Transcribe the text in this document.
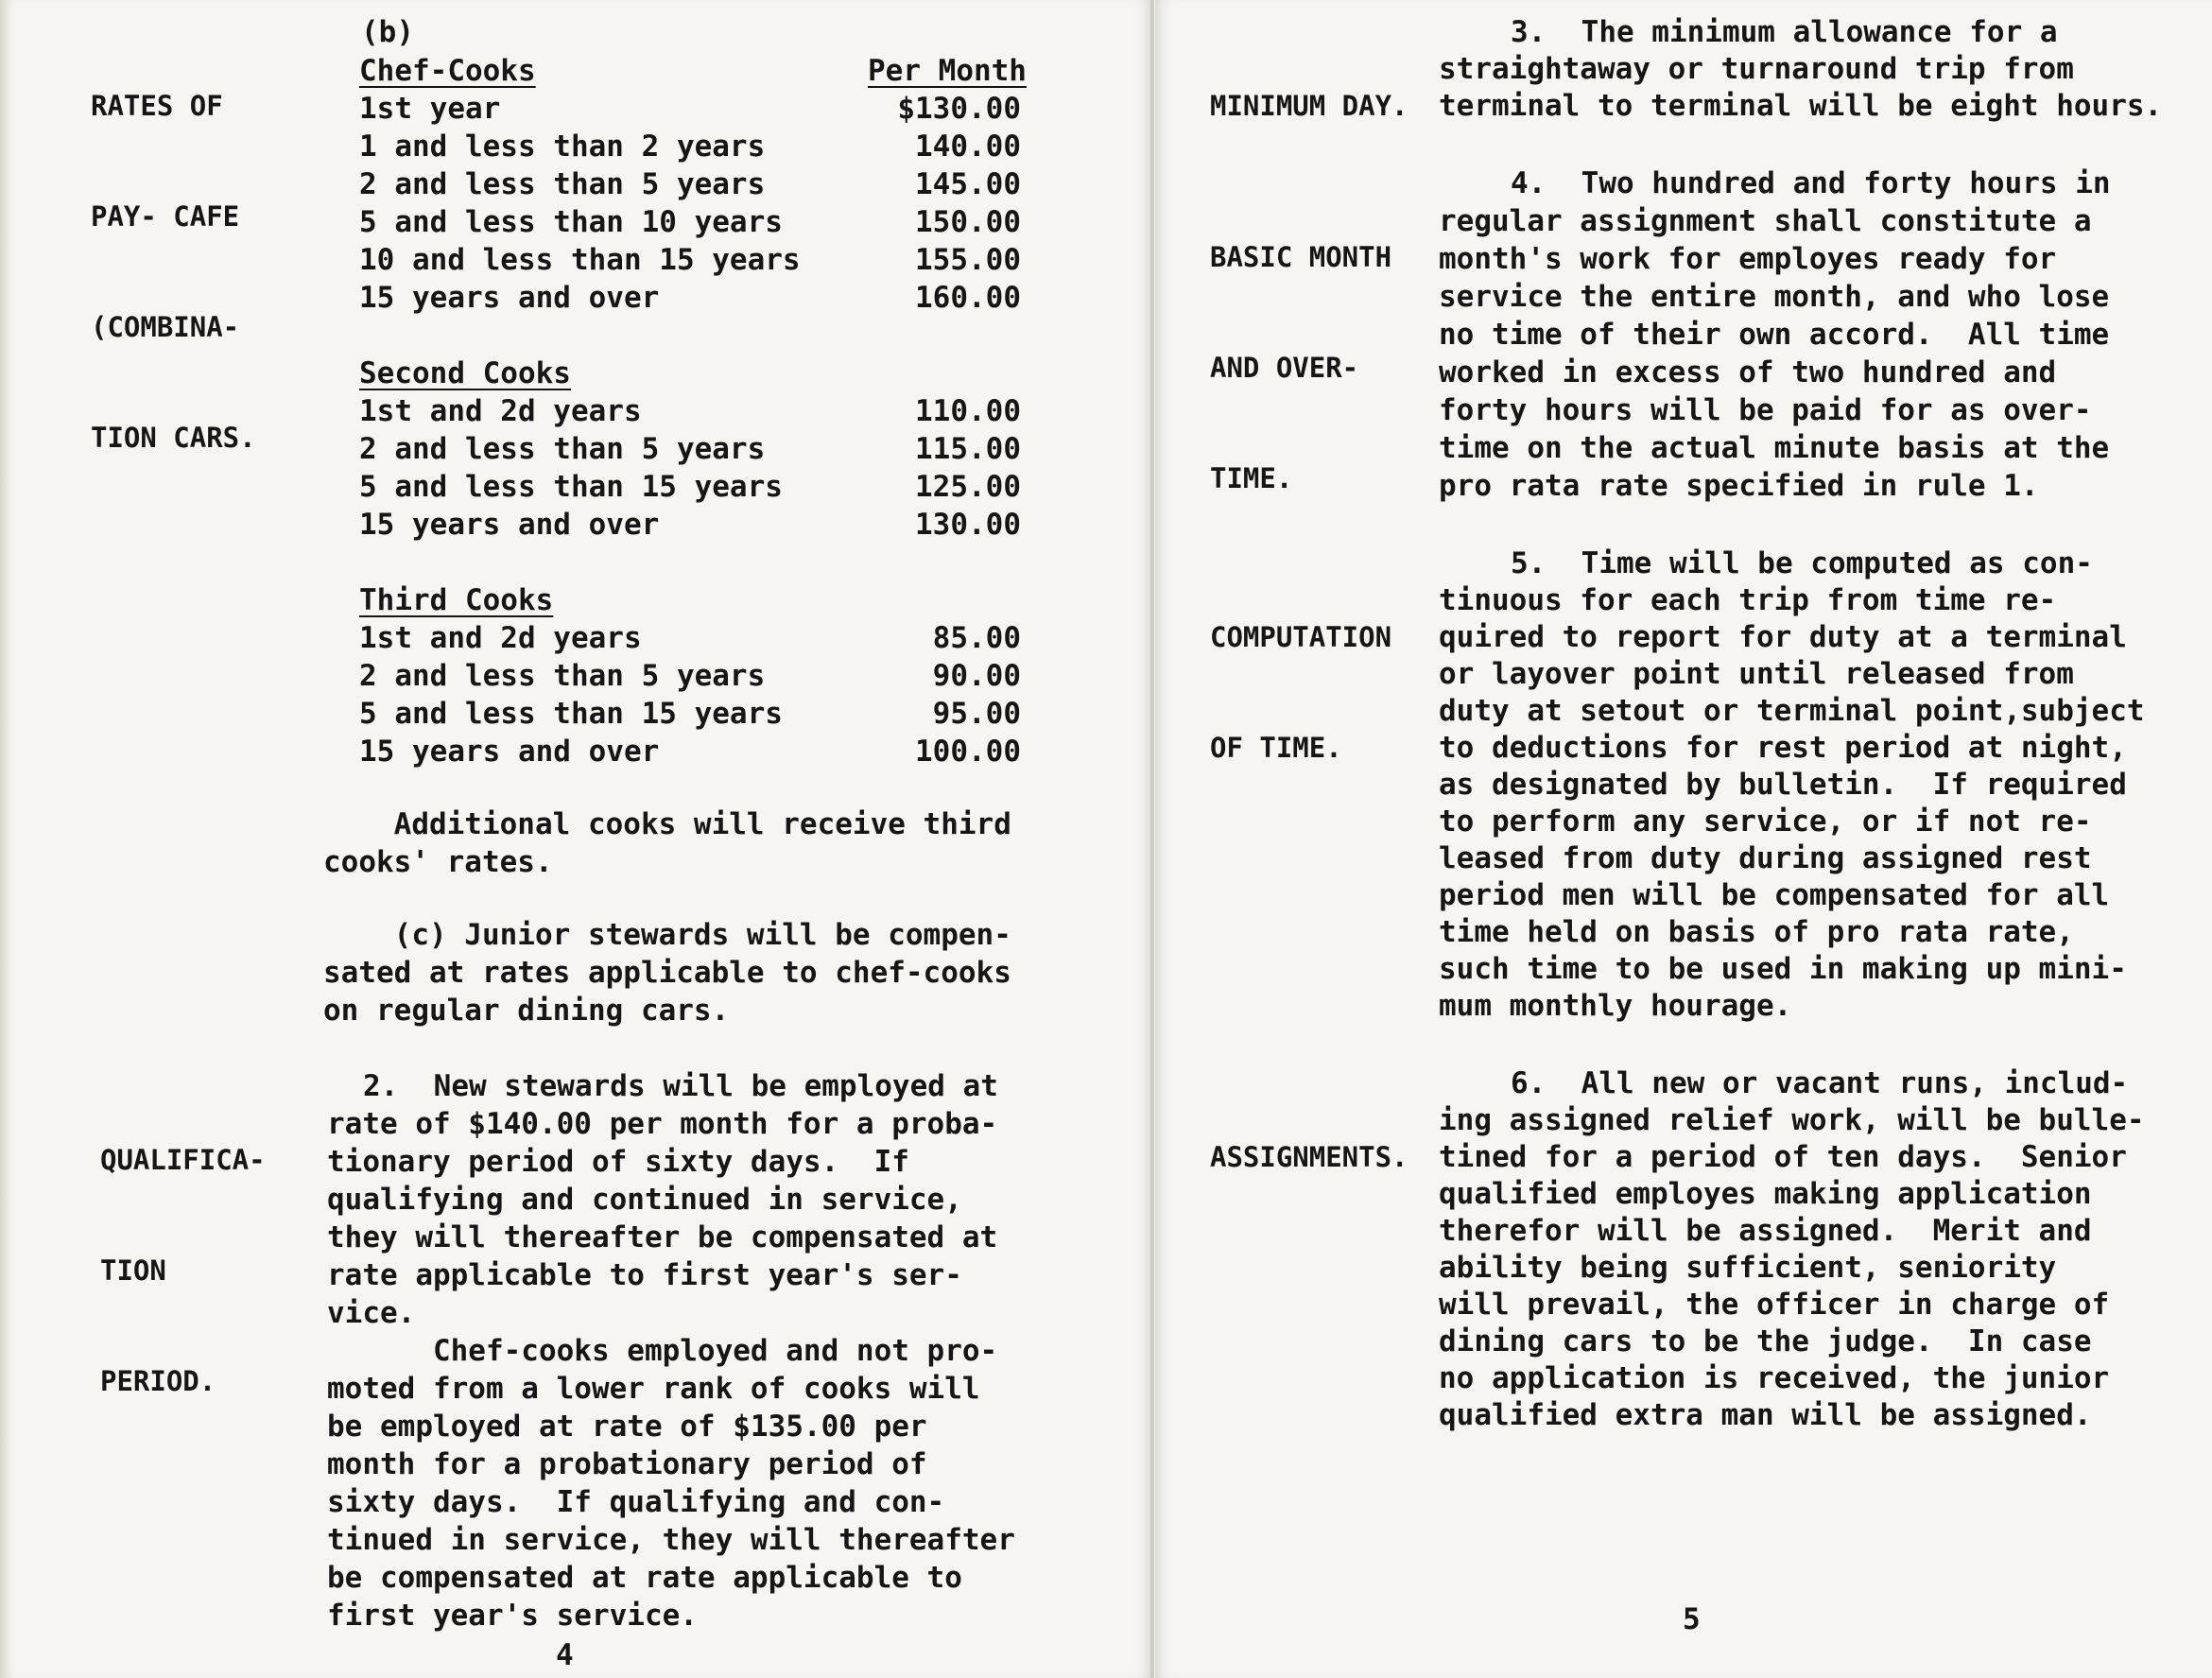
RATES OF

PAY- CAFE

(COMBINA-

TION CARS.

(b)
Per Month
Chef-Cooks
1st year	$130.00
1 and less than 2 years	140.00
2 and less than 5 years	145.00
5 and less than 10 years	150.00
10 and less than 15 years	155.00
15 years and over	160.00
Second Cooks
1st and 2d years	110.00
2 and less than 5 years	115.00
5 and less than 15 years	125.00
15 years and over	130.00
Third Cooks
1st and 2d years	85.00
2 and less than 5 years	90.00
5 and less than 15 years	95.00
15 years and over	100.00
Additional cooks will receive third
cooks' rates.
(c) Junior stewards will be compen-
sated at rates applicable to chef-cooks
on regular dining cars.

QUALIFICA-

TION

PERIOD.

2.  New stewards will be employed at
rate of $140.00 per month for a proba-
tionary period of sixty days.  If
qualifying and continued in service,
they will thereafter be compensated at
rate applicable to first year's ser-
vice.
Chef-cooks employed and not pro-
moted from a lower rank of cooks will
be employed at rate of $135.00 per
month for a probationary period of
sixty days.  If qualifying and con-
tinued in service, they will thereafter
be compensated at rate applicable to
first year's service.
4

MINIMUM DAY.

3.  The minimum allowance for a
straightaway or turnaround trip from
terminal to terminal will be eight hours.

BASIC MONTH

AND OVER-

TIME.

4.  Two hundred and forty hours in
regular assignment shall constitute a
month's work for employes ready for
service the entire month, and who lose
no time of their own accord.  All time
worked in excess of two hundred and
forty hours will be paid for as over-
time on the actual minute basis at the
pro rata rate specified in rule 1.

COMPUTATION

OF TIME.

5.  Time will be computed as con-
tinuous for each trip from time re-
quired to report for duty at a terminal
or layover point until released from
duty at setout or terminal point,subject
to deductions for rest period at night,
as designated by bulletin.  If required
to perform any service, or if not re-
leased from duty during assigned rest
period men will be compensated for all
time held on basis of pro rata rate,
such time to be used in making up mini-
mum monthly hourage.

ASSIGNMENTS.

6.  All new or vacant runs, includ-
ing assigned relief work, will be bulle-
tined for a period of ten days.  Senior
qualified employes making application
therefor will be assigned.  Merit and
ability being sufficient, seniority
will prevail, the officer in charge of
dining cars to be the judge.  In case
no application is received, the junior
qualified extra man will be assigned.
5
